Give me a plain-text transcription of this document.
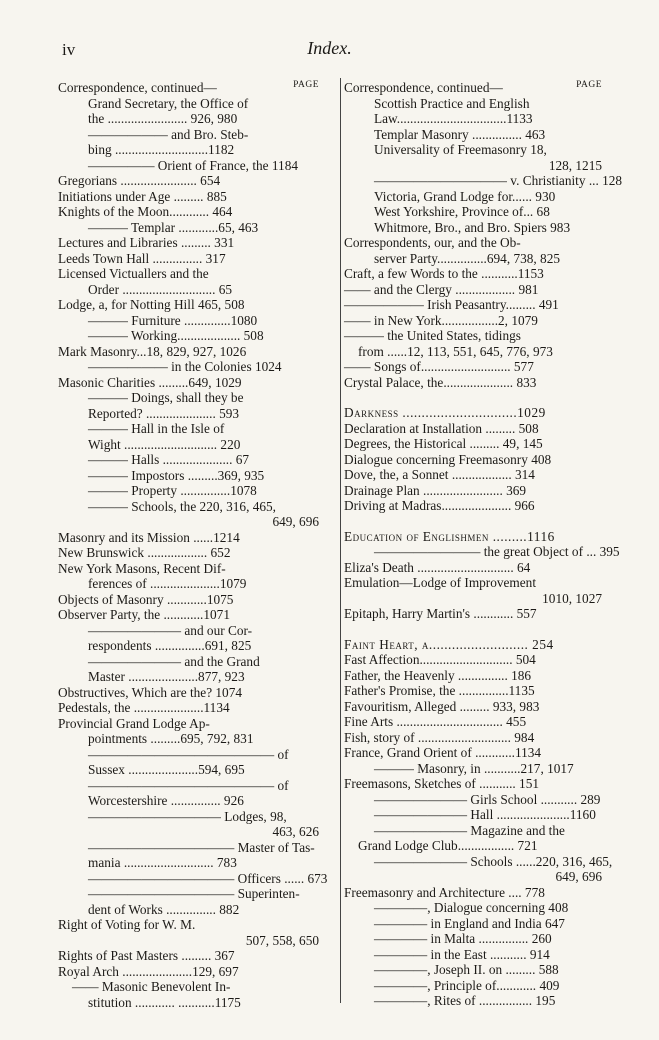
iv	Index.
PAGE
Correspondence, continued—
Grand Secretary, the Office of
the ........................ 926, 980
—————— and Bro. Steb-
bing ............................1182
————— Orient of France, the 1184
Gregorians ....................... 654
Initiations under Age ......... 885
Knights of the Moon............ 464
——— Templar ............65, 463
Lectures and Libraries ......... 331
Leeds Town Hall ............... 317
Licensed Victuallers and the
Order ............................ 65
Lodge, a, for Notting Hill 465, 508
——— Furniture ..............1080
——— Working................... 508
Mark Masonry...18, 829, 927, 1026
—————— in the Colonies 1024
Masonic Charities .........649, 1029
——— Doings, shall they be
Reported? ..................... 593
——— Hall in the Isle of
Wight ............................ 220
——— Halls ..................... 67
——— Impostors .........369, 935
——— Property ...............1078
——— Schools, the 220, 316, 465,
649, 696
Masonry and its Mission ......1214
New Brunswick .................. 652
New York Masons, Recent Dif-
ferences of .....................1079
Objects of Masonry ............1075
Observer Party, the ............1071
——————— and our Cor-
respondents ...............691, 825
——————— and the Grand
Master .....................877, 923
Obstructives, Which are the? 1074
Pedestals, the .....................1134
Provincial Grand Lodge Ap-
pointments .........695, 792, 831
—————————————— of
Sussex .....................594, 695
—————————————— of
Worcestershire ............... 926
—————————— Lodges, 98,
463, 626
——————————— Master of Tas-
mania ........................... 783
——————————— Officers ...... 673
——————————— Superinten-
dent of Works ............... 882
Right of Voting for W. M.
507, 558, 650
Rights of Past Masters ......... 367
Royal Arch .....................129, 697
—— Masonic Benevolent In-
stitution ............ ...........1175
PAGE
Correspondence, continued—
Scottish Practice and English
Law.................................1133
Templar Masonry ............... 463
Universality of Freemasonry 18,
128, 1215
—————————— v. Christianity ... 128
Victoria, Grand Lodge for...... 930
West Yorkshire, Province of... 68
Whitmore, Bro., and Bro. Spiers 983
Correspondents, our, and the Ob-
server Party...............694, 738, 825
Craft, a few Words to the ...........1153
—— and the Clergy .................. 981
—————— Irish Peasantry......... 491
—— in New York.................2, 1079
——— the United States, tidings
from ......12, 113, 551, 645, 776, 973
—— Songs of........................... 577
Crystal Palace, the..................... 833
Darkness ..............................1029
Declaration at Installation ......... 508
Degrees, the Historical ......... 49, 145
Dialogue concerning Freemasonry 408
Dove, the, a Sonnet .................. 314
Drainage Plan ........................ 369
Driving at Madras..................... 966
Education of Englishmen .........1116
———————— the great Object of ... 395
Eliza's Death ............................. 64
Emulation—Lodge of Improvement
1010, 1027
Epitaph, Harry Martin's ............ 557
Faint Heart, a.......................... 254
Fast Affection............................ 504
Father, the Heavenly ............... 186
Father's Promise, the ...............1135
Favouritism, Alleged ......... 933, 983
Fine Arts ................................ 455
Fish, story of ............................ 984
France, Grand Orient of ............1134
——— Masonry, in ...........217, 1017
Freemasons, Sketches of ........... 151
——————— Girls School ........... 289
——————— Hall ......................1160
——————— Magazine and the
Grand Lodge Club................. 721
——————— Schools ......220, 316, 465,
649, 696
Freemasonry and Architecture .... 778
————, Dialogue concerning 408
———— in England and India 647
———— in Malta ............... 260
———— in the East ........... 914
————, Joseph II. on ......... 588
————, Principle of............ 409
————, Rites of ................ 195
